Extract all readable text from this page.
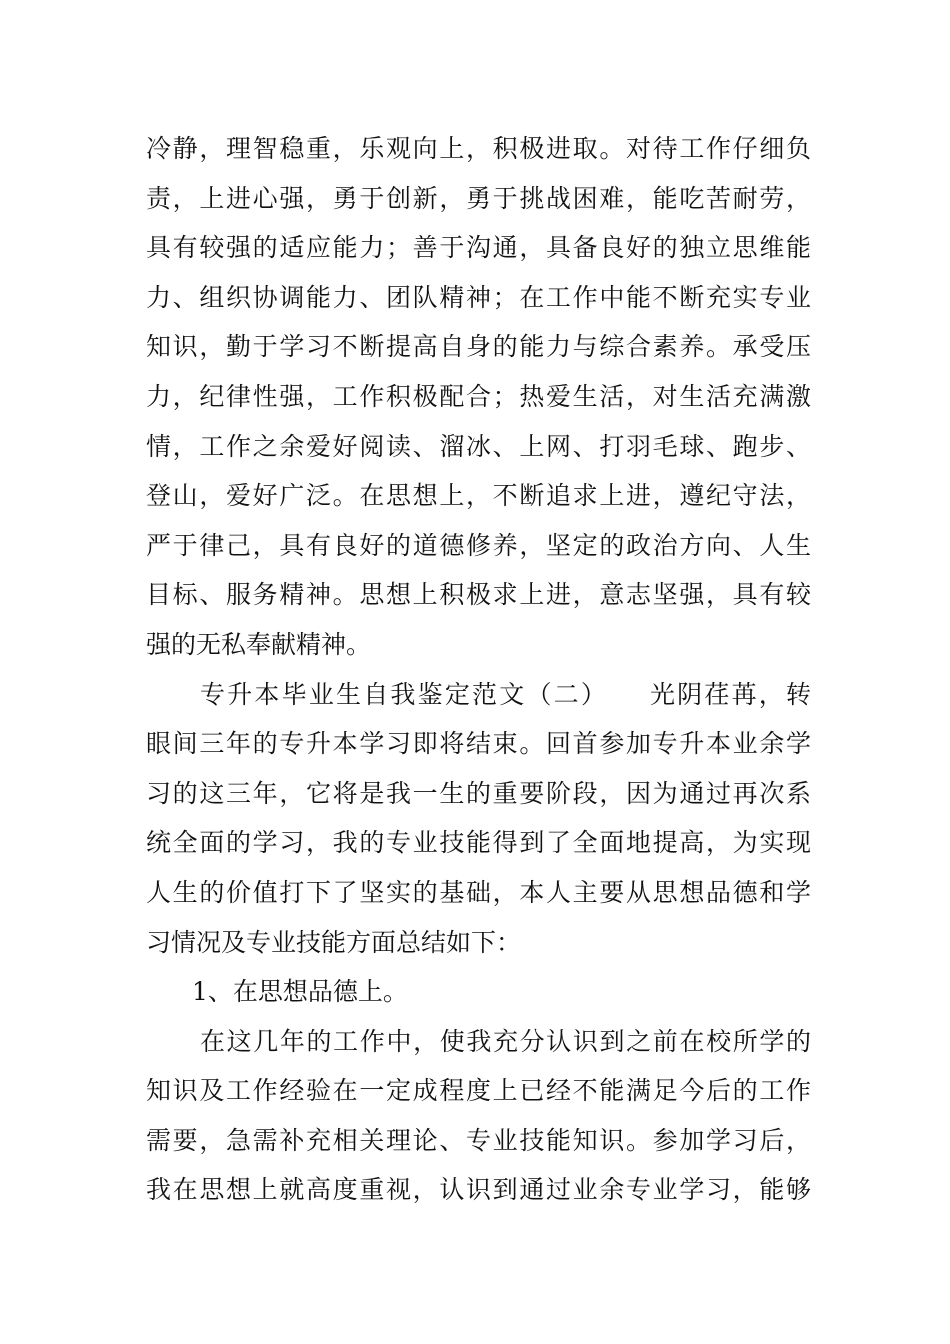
冷静，理智稳重，乐观向上，积极进取。对待工作仔细负
责，上进心强，勇于创新，勇于挑战困难，能吃苦耐劳，
具有较强的适应能力；善于沟通，具备良好的独立思维能
力、组织协调能力、团队精神；在工作中能不断充实专业
知识，勤于学习不断提高自身的能力与综合素养。承受压
力，纪律性强，工作积极配合；热爱生活，对生活充满激
情，工作之余爱好阅读、溜冰、上网、打羽毛球、跑步、
登山，爱好广泛。在思想上，不断追求上进，遵纪守法，
严于律己，具有良好的道德修养，坚定的政治方向、人生
目标、服务精神。思想上积极求上进，意志坚强，具有较
强的无私奉献精神。
专升本毕业生自我鉴定范文（二）　　光阴荏苒，转
眼间三年的专升本学习即将结束。回首参加专升本业余学
习的这三年，它将是我一生的重要阶段，因为通过再次系
统全面的学习，我的专业技能得到了全面地提高，为实现
人生的价值打下了坚实的基础，本人主要从思想品德和学
习情况及专业技能方面总结如下：
1、在思想品德上。
在这几年的工作中，使我充分认识到之前在校所学的
知识及工作经验在一定成程度上已经不能满足今后的工作
需要，急需补充相关理论、专业技能知识。参加学习后，
我在思想上就高度重视，认识到通过业余专业学习，能够
